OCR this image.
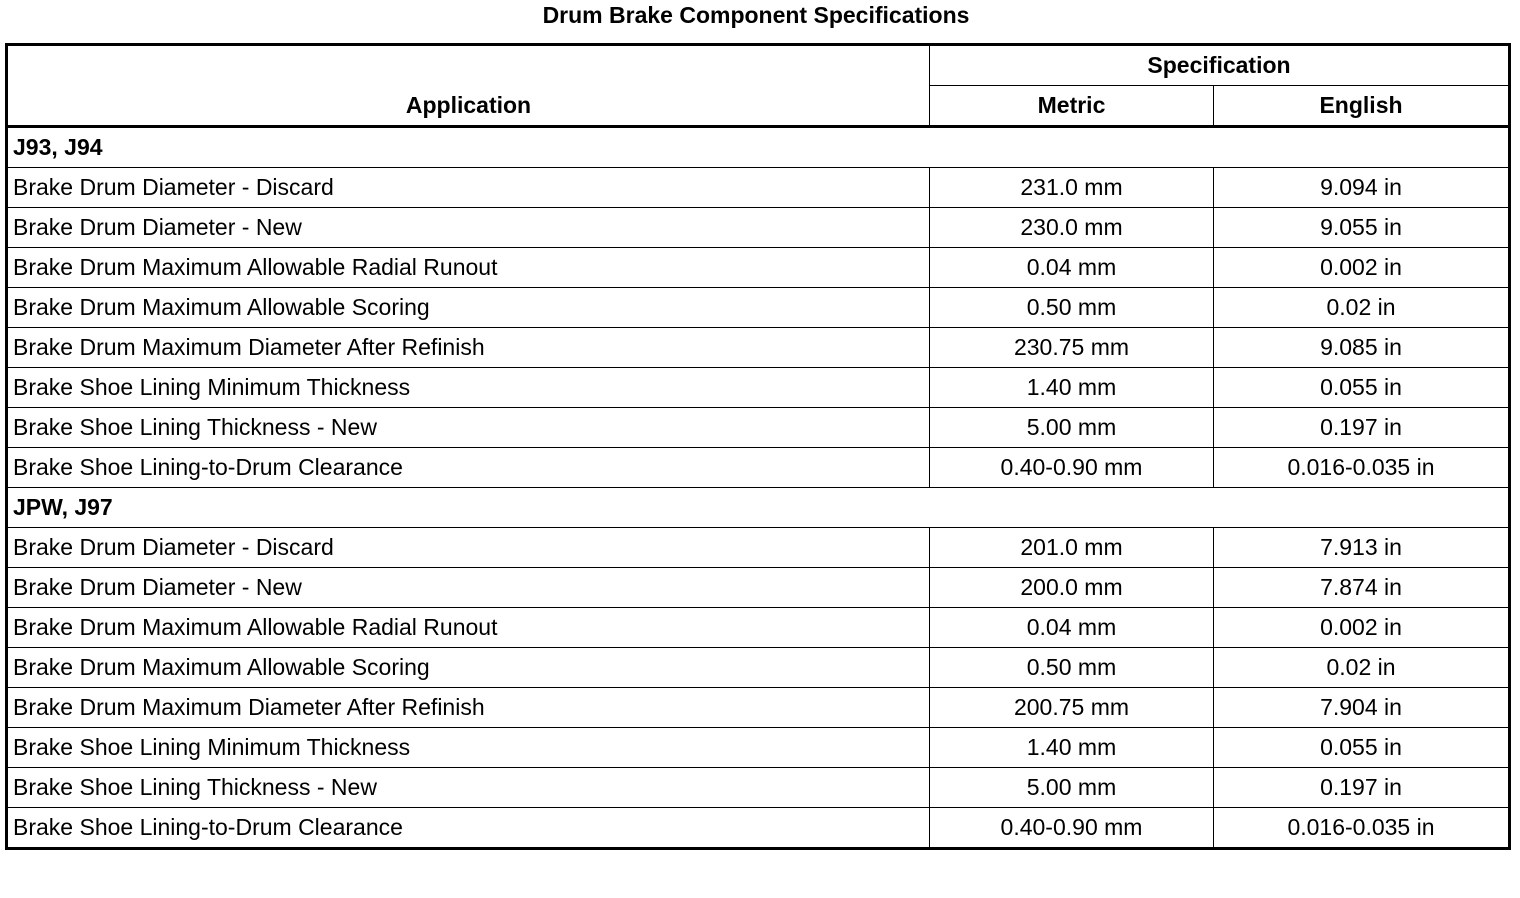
Drum Brake Component Specifications
Application	Specification	
	Metric	English
J93, J94		
Brake Drum Diameter - Discard	231.0 mm	9.094 in
Brake Drum Diameter - New	230.0 mm	9.055 in
Brake Drum Maximum Allowable Radial Runout	0.04 mm	0.002 in
Brake Drum Maximum Allowable Scoring	0.50 mm	0.02 in
Brake Drum Maximum Diameter After Refinish	230.75 mm	9.085 in
Brake Shoe Lining Minimum Thickness	1.40 mm	0.055 in
Brake Shoe Lining Thickness - New	5.00 mm	0.197 in
Brake Shoe Lining-to-Drum Clearance	0.40-0.90 mm	0.016-0.035 in
JPW, J97		
Brake Drum Diameter - Discard	201.0 mm	7.913 in
Brake Drum Diameter - New	200.0 mm	7.874 in
Brake Drum Maximum Allowable Radial Runout	0.04 mm	0.002 in
Brake Drum Maximum Allowable Scoring	0.50 mm	0.02 in
Brake Drum Maximum Diameter After Refinish	200.75 mm	7.904 in
Brake Shoe Lining Minimum Thickness	1.40 mm	0.055 in
Brake Shoe Lining Thickness - New	5.00 mm	0.197 in
Brake Shoe Lining-to-Drum Clearance	0.40-0.90 mm	0.016-0.035 in
